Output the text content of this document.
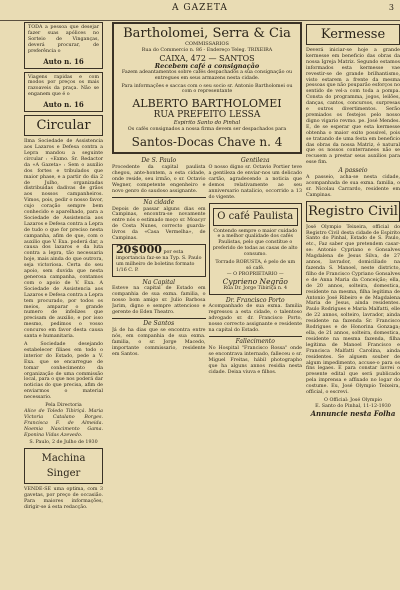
A GAZETA	3

TODA a pessoa que desejar fazer suas apólices no Sorteio de Vinganças, deverá procurar, de preferência o

Auto n. 16

Viagens rapidas e com modos por preços os mais razoaveis da praça. Não se enganem que é o

Auto n. 16
Circular

Ilma Sociedade de Assistencia aos Lazaros e Defesa contra a Lepra mandou a seguinte circular : «Exmo. Sr. Redactor da «A Gazeta» : Sem o auxilio dos fortes e tribulados que maior phase, e a partir do dia 2 de Julho, organizadas distribuidas dadivas de grãos aos nossos campanheiros. Vimos, pois, pedir o nosso favor, cujo coração sempre bem conhecido e aparelhado, para a Sociedade de Assistencia aos Lazaros e Defesa contra a Lepra de tudo o que for preciso nesta campanha, afim de que, com o auxilio que V. Exa. poderá dar, a causa dos lazaros e da luta contra a lepra, tão necessaria hoje, mais ainda do que outrora, seja victoriosa. Certa do seu apoio, sem duvida que nesta generosa campanha, contamos com o apoio de V. Exa. A Sociedade de Assistencia aos Lazaros e Defesa contra a Lepra tem procurado, por todos os meios, amparar o grande numero de infelizes que precisam de auxilio, e por isso mesmo, pedimos o vosso concurso em favor desta causa santa e humanitaria.

A Sociedade desejando estabelecer filiaes em todo o interior do Estado, pede a V. Exa. que se encarregue de tomar conhecimento da organização de uma commissão local, para o que nos poderá dar noticias do que precisa, afim de enviarmos o material necessario.

Pela Directoria

Alice de Toledo Tibiriçá. Maria Victoria Catalano Borges. Francisca F. de Almeida. Noemia Nascimento Gama. Eponina Vidas Azevedo.

S. Paulo, 2 de Julho de 1930
Machina Singer

VENDE-SE uma optima, com 3 gavetas, por preço de occasião. Para maiores informações, dirigir-se á esta redacção.

Bartholomei, Serra & Cia
COMMISSARIOS
Rua do Commercio n. 86 - Endereço Teleg. TRIXEIRA
CAIXA, 472 — SANTOS
Recebem café a consignação

Fazem adeantamentos sobre cafés despachados a sua consignação ou entregues em seus armazens nesta cidade.

Para informações e saccas com o seu socio sr. Antonio Bartholomei ou com o representante

ALBERTO BARTHOLOMEI
RUA PREFEITO LESSA
Espirito Santo do Pinhal

Os cafés consignados a nossa firma devem ser despachados para

Santos-Docas Chave n. 4
De S. Paulo

Procedente da capital paulista chegou, ante-hontem, a esta cidade, onde reside, seu irmão, o sr. Octavio Wegner, competente engenheiro e novo genro do saudoso assignante.

Na cidade

Depois de passar alguns dias em Campinas, encontra-se novamente entre nós o estimado moço sr. Moacyr de Costa Nunes, correcto guarda-livros da «Casa Vermelha», de Campinas.

20$000 por esta importancia faz-se na Typ. S. Paulo um milheiro de boletins formato 1/16 C. P.
Na Capital

Esteve na capital de Estado em companhia de sua exma. familia, o nosso bom amigo sr. Julio Barbosa Jarim, digno e sempre attencioso e gerente do Eden Theatro.

De Santos

Já de ha dias que se encontra entre nós, em companhia de sua exma. familia, o sr. Jorge Macedo, importante commissario, residente em Santos.

Gentileza

O nosso digno sr. Octavio Portier teve a gentileza de enviar-nos um delicado cartão, agradecendo a noticia que demos relativamente ao seu anniversario natalicio, occorrido a 13 do vigente.

O café Paulista

Contendo sempre o maior cuidado e a melhor qualidade dos cafés Paulistas, pelo que constitue o preferido de todas as casas de alto consumo.

Torrado ROBUSTA, é pelo de um só café.
— O PROPRIETARIO —
Cyprieno Negrão
Rua Dr. Jorge Tibiriçá n. 4
Dr. Francisco Porto

Acompanhado de sua exma. familia regressou a esta cidade, o talentoso advogado sr. dr. Francisco Porto, nosso correcto assignante e residente na capital do Estado.

Fallecimento

No Hospital "Francisco Rossa" onde se encontrava internado, falleceu o sr. Miguel Freitas, hábil photographo que ha alguns annos residia nesta cidade. Deixa viuva e filhos.

Kermesse

Deverá iniciar-se hoje a grande kermesse em beneficio das obras da nossa Igreja Matriz. Segundo estamos informados esta kermesse vae revestir-se de grande brilhantismo, visto estarem a frente da mesma pessoas que não pouparão esforços no sentido de vel-a com toda a pompa. Consta do programma, jogos, leilões, danças, cantos, concursos, surpresas e outros divertimentos. Serão premiados os festejos pelo nosso digno vigario revmo. pe. José Mendes. E, de se esperar que esta kermesse obtenha o maior exito possivel, pois se tratando de uma festa em beneficio das obras da nossa Matriz, é natural que os nossos conterraneos não se recusem a prestar seus auxilios para esse fim.

A passeio

A passeio, acha-se nesta cidade, acompanhada de sua exma. familia, o sr. Nicolau Carrardo, residente em Campinas.

Registro Civil

José Olympio Teixeira, official do Registro Civil desta cidade de Espirito Santo do Pinhal, Estado de S. Paulo, etc., Faz saber que pretendem casar-se: Antonio Cypriano e Gonsalves Magdalena de Jesus Silva, de 27 annos, lavrador, domiciliado na fazenda S. Manoel, neste districto, filho de Francisco Cypriano Gonsalves e de Anna Maria da Conceição; ella, de 20 annos, solteira, domestica, residente na mesma, filha legitima de Antonio José Ribeiro e de Magdalena Maria de Jesus, ainda residentes. Paulo Rodrigues e Maria Malfatti, elle de 22 annos, solteiro, lavrador, ainda residente na fazenda Sr. Francisco Rodrigues e de Honorina Gonzaga; ella, de 21 annos, solteira, domestica, residente na mesma fazenda, filha legitima de Manoel Francisco e Francisca Malfatti Carolina, ainda residentes. Se alguem souber de algum impedimento, accuse-o para os fins legaes. E para constar lavrei o presente edital que será publicado pela imprensa e affixado no logar do costume. Eu, José Olympio Teixeira, official, o escrevi.

O Official: José Olympio
E. Santo do Pinhal, 11-12-1930
Annuncie nesta Folha
